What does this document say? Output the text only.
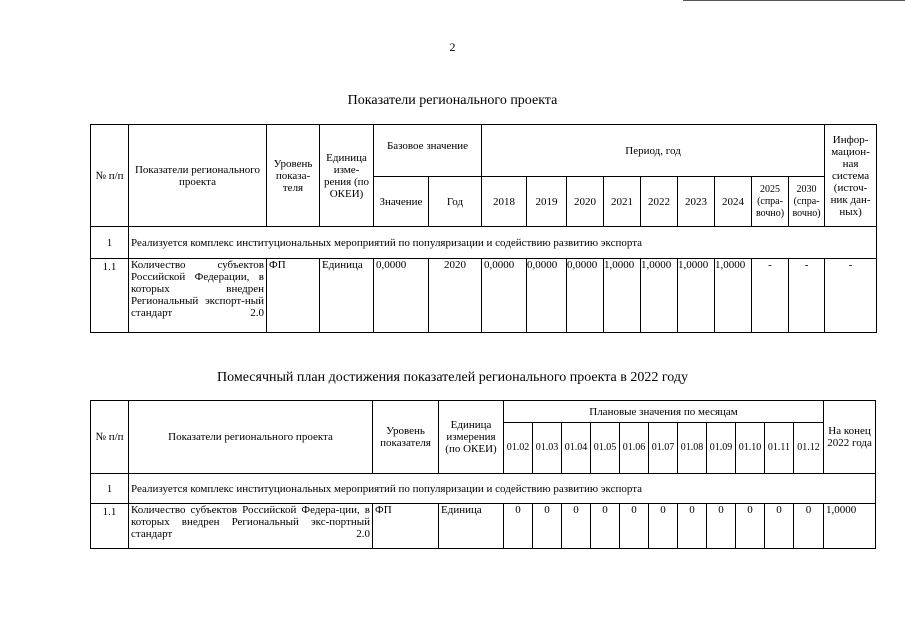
2
Показатели регионального проекта
№ п/п	Показатели регионального проекта	Уровень показа-теля	Единица изме-рения (по ОКЕИ)	Базовое значение		Период, год									Инфор-мацион-ная система (источ-ник дан-ных)
				Значение	Год	2018	2019	2020	2021	2022	2023	2024	2025 (спра-вочно)	2030 (спра-вочно)	
1	Реализуется комплекс институциональных мероприятий по популяризации и содействию развитию экспорта														
1.1	Количество субъектов Российской Федерации, в которых внедрен Региональный экспорт-ный стандарт 2.0	ФП	Единица	0,0000	2020	0,0000	0,0000	0,0000	1,0000	1,0000	1,0000	1,0000	-	-	-
Помесячный план достижения показателей регионального проекта в 2022 году
№ п/п	Показатели регионального проекта	Уровень показателя	Единица измерения (по ОКЕИ)	Плановые значения по месяцам											На конец 2022 года
				01.02	01.03	01.04	01.05	01.06	01.07	01.08	01.09	01.10	01.11	01.12	
1	Реализуется комплекс институциональных мероприятий по популяризации и содействию развитию экспорта														
1.1	Количество субъектов Российской Федера-ции, в которых внедрен Региональный экс-портный стандарт 2.0	ФП	Единица	0	0	0	0	0	0	0	0	0	0	0	1,0000
